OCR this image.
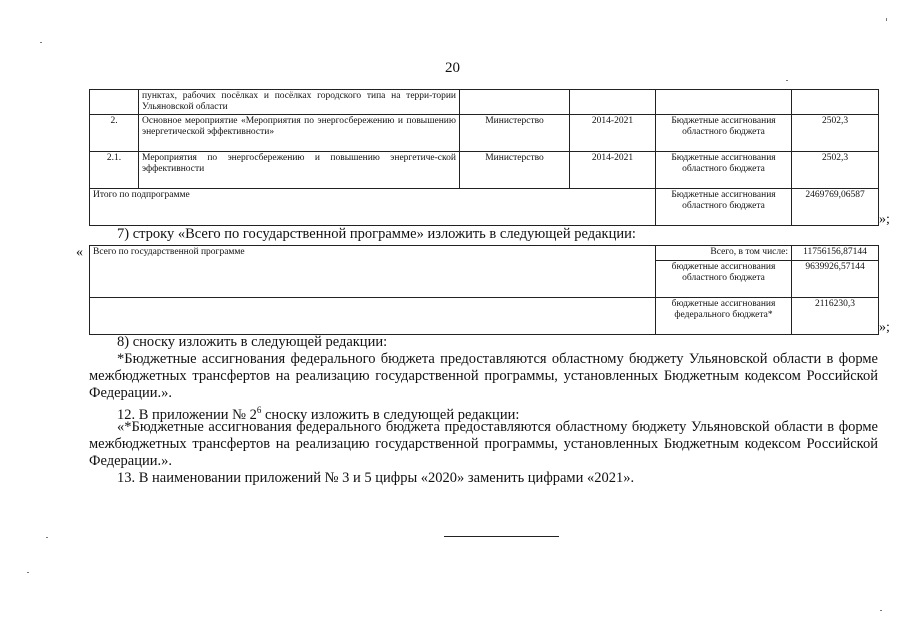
20
	пунктах, рабочих посёлках и посёлках городского типа на терри-тории Ульяновской области				
2.	Основное мероприятие «Мероприятия по энергосбережению и повышению энергетической эффективности»	Министерство	2014-2021	Бюджетные ассигнования областного бюджета	2502,3
2.1.	Мероприятия по энергосбережению и повышению энергетиче-ской эффективности	Министерство	2014-2021	Бюджетные ассигнования областного бюджета	2502,3
Итого по подпрограмме				Бюджетные ассигнования областного бюджета	2469769,06587
»;

7) строку «Всего по государственной программе» изложить в следующей редакции:

« Всего по государственной программе	Всего, в том числе:	11756156,87144
	бюджетные ассигнования областного бюджета	9639926,57144
	бюджетные ассигнования федерального бюджета*	2116230,3
»;

8) сноску изложить в следующей редакции:

*Бюджетные ассигнования федерального бюджета предоставляются областному бюджету Ульяновской области в форме межбюджетных трансфертов на реализацию государственной программы, установленных Бюджетным кодексом Российской Федерации.».

12. В приложении № $2^6$ сноску изложить в следующей редакции:

«*Бюджетные ассигнования федерального бюджета предоставляются областному бюджету Ульяновской области в форме межбюджетных трансфертов на реализацию государственной программы, установленных Бюджетным кодексом Российской Федерации.».

13. В наименовании приложений № 3 и 5 цифры «2020» заменить цифрами «2021».
